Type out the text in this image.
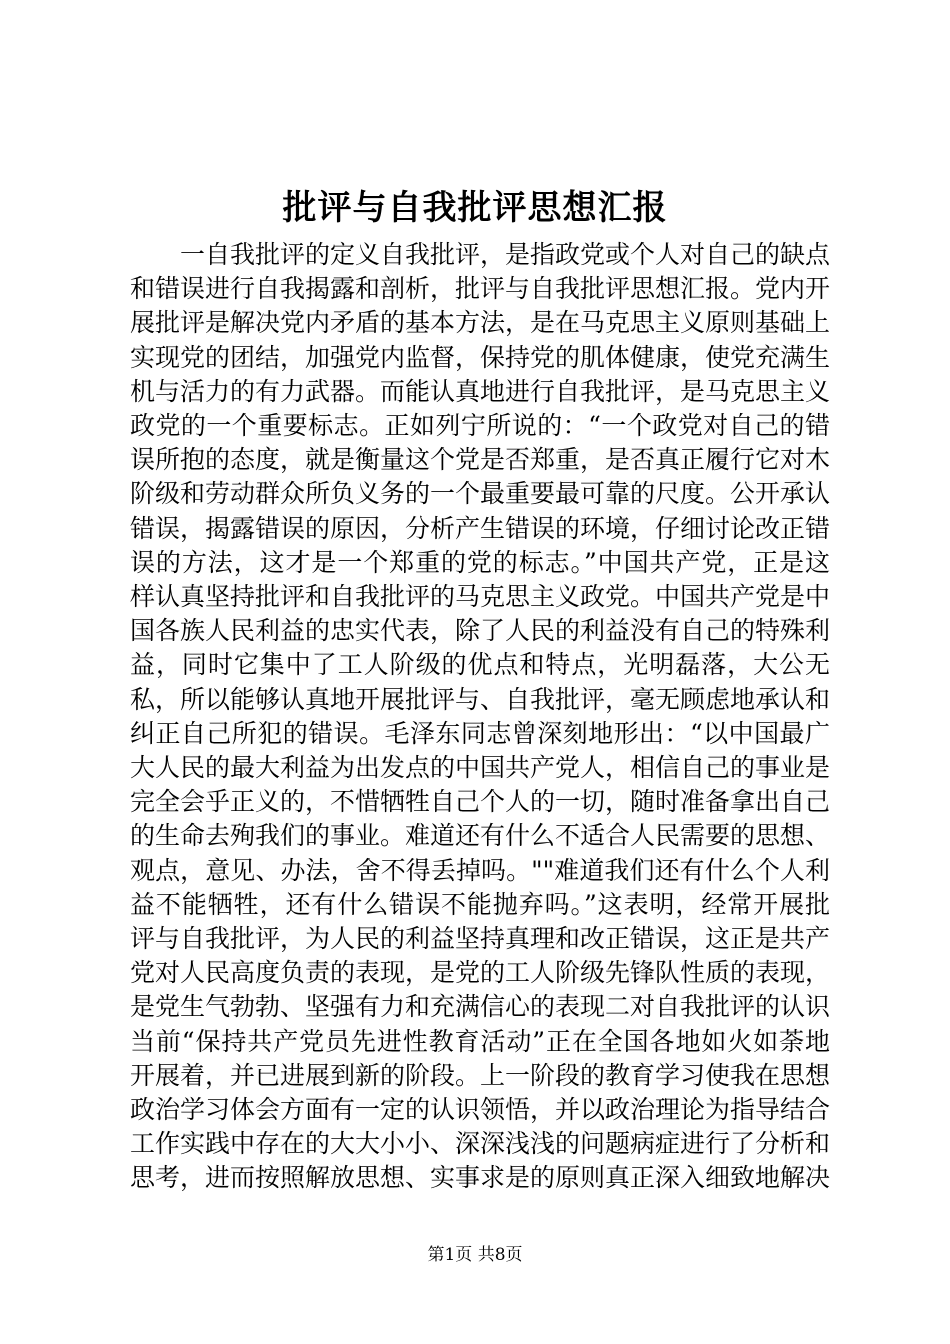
批评与自我批评思想汇报

一自我批评的定义自我批评，是指政党或个人对自己的缺点和错误进行自我揭露和剖析，批评与自我批评思想汇报。党内开展批评是解决党内矛盾的基本方法，是在马克思主义原则基础上实现党的团结，加强党内监督，保持党的肌体健康，使党充满生机与活力的有力武器。而能认真地进行自我批评，是马克思主义政党的一个重要标志。正如列宁所说的：“一个政党对自己的错误所抱的态度，就是衡量这个党是否郑重，是否真正履行它对木阶级和劳动群众所负义务的一个最重要最可靠的尺度。公开承认错误，揭露错误的原因，分析产生错误的环境，仔细讨论改正错误的方法，这才是一个郑重的党的标志。”中国共产党，正是这样认真坚持批评和自我批评的马克思主义政党。中国共产党是中国各族人民利益的忠实代表，除了人民的利益没有自己的特殊利益，同时它集中了工人阶级的优点和特点，光明磊落，大公无私，所以能够认真地开展批评与、自我批评，毫无顾虑地承认和纠正自己所犯的错误。毛泽东同志曾深刻地形出：“以中国最广大人民的最大利益为出发点的中国共产党人，相信自己的事业是完全会乎正义的，不惜牺牲自己个人的一切，随时准备拿出自己的生命去殉我们的事业。难道还有什么不适合人民需要的思想、观点，意见、办法，舍不得丢掉吗。""难道我们还有什么个人利益不能牺牲，还有什么错误不能抛弃吗。”这表明，经常开展批评与自我批评，为人民的利益坚持真理和改正错误，这正是共产党对人民高度负责的表现，是党的工人阶级先锋队性质的表现，是党生气勃勃、坚强有力和充满信心的表现二对自我批评的认识当前“保持共产党员先进性教育活动”正在全国各地如火如荼地开展着，并已进展到新的阶段。上一阶段的教育学习使我在思想政治学习体会方面有一定的认识领悟，并以政治理论为指导结合工作实践中存在的大大小小、深深浅浅的问题病症进行了分析和思考，进而按照解放思想、实事求是的原则真正深入细致地解决

第1页 共8页
